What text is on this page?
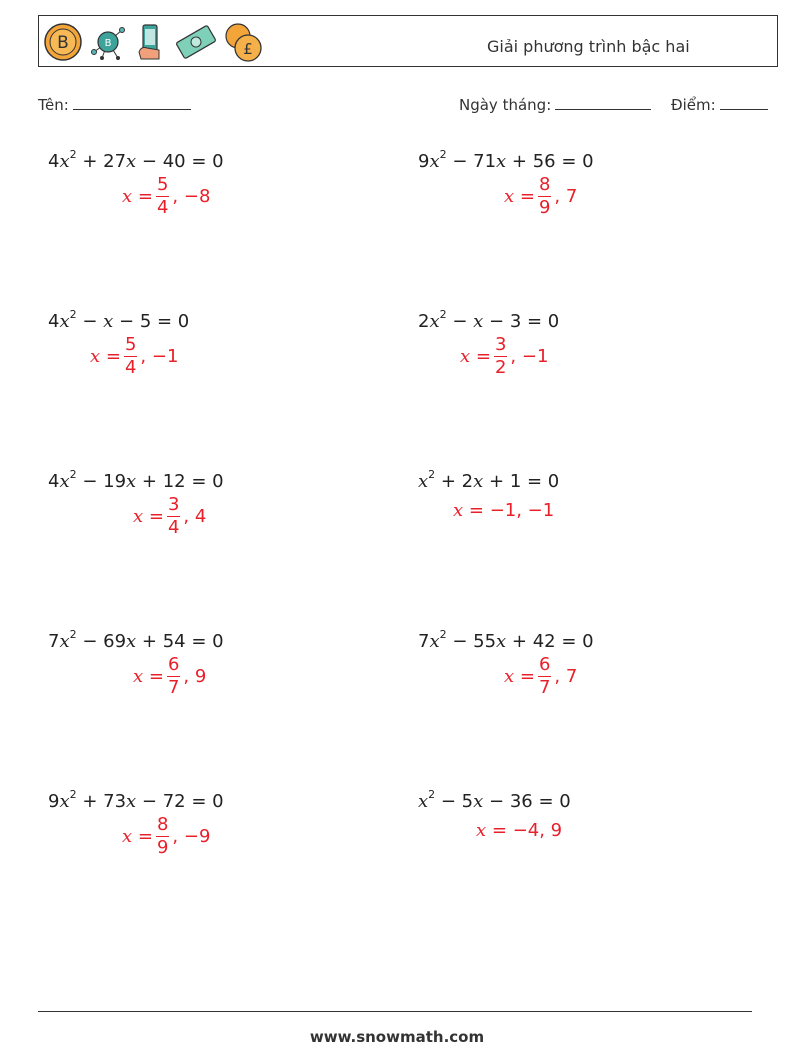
B	B	£	Giải phương trình bậc hai
Tên:	Ngày tháng:	Điểm:
$4x^2 + 27x - 40 = 0$
$x = \frac{5}{4}$ , −8
$9x^2 - 71x + 56 = 0$
$x = \frac{8}{9}$ , 7
$4x^2 - x - 5 = 0$
$x = \frac{5}{4}$ , −1
$2x^2 - x - 3 = 0$
$x = \frac{3}{2}$ , −1
$4x^2 - 19x + 12 = 0$
$x = \frac{3}{4}$ , 4
$x^2 + 2x + 1 = 0$
x = −1, −1
$7x^2 - 69x + 54 = 0$
$x = \frac{6}{7}$ , 9
$7x^2 - 55x + 42 = 0$
$x = \frac{6}{7}$ , 7
$9x^2 + 73x - 72 = 0$
$x = \frac{8}{9}$ , −9
$x^2 - 5x - 36 = 0$
x = −4, 9
www.snowmath.com
